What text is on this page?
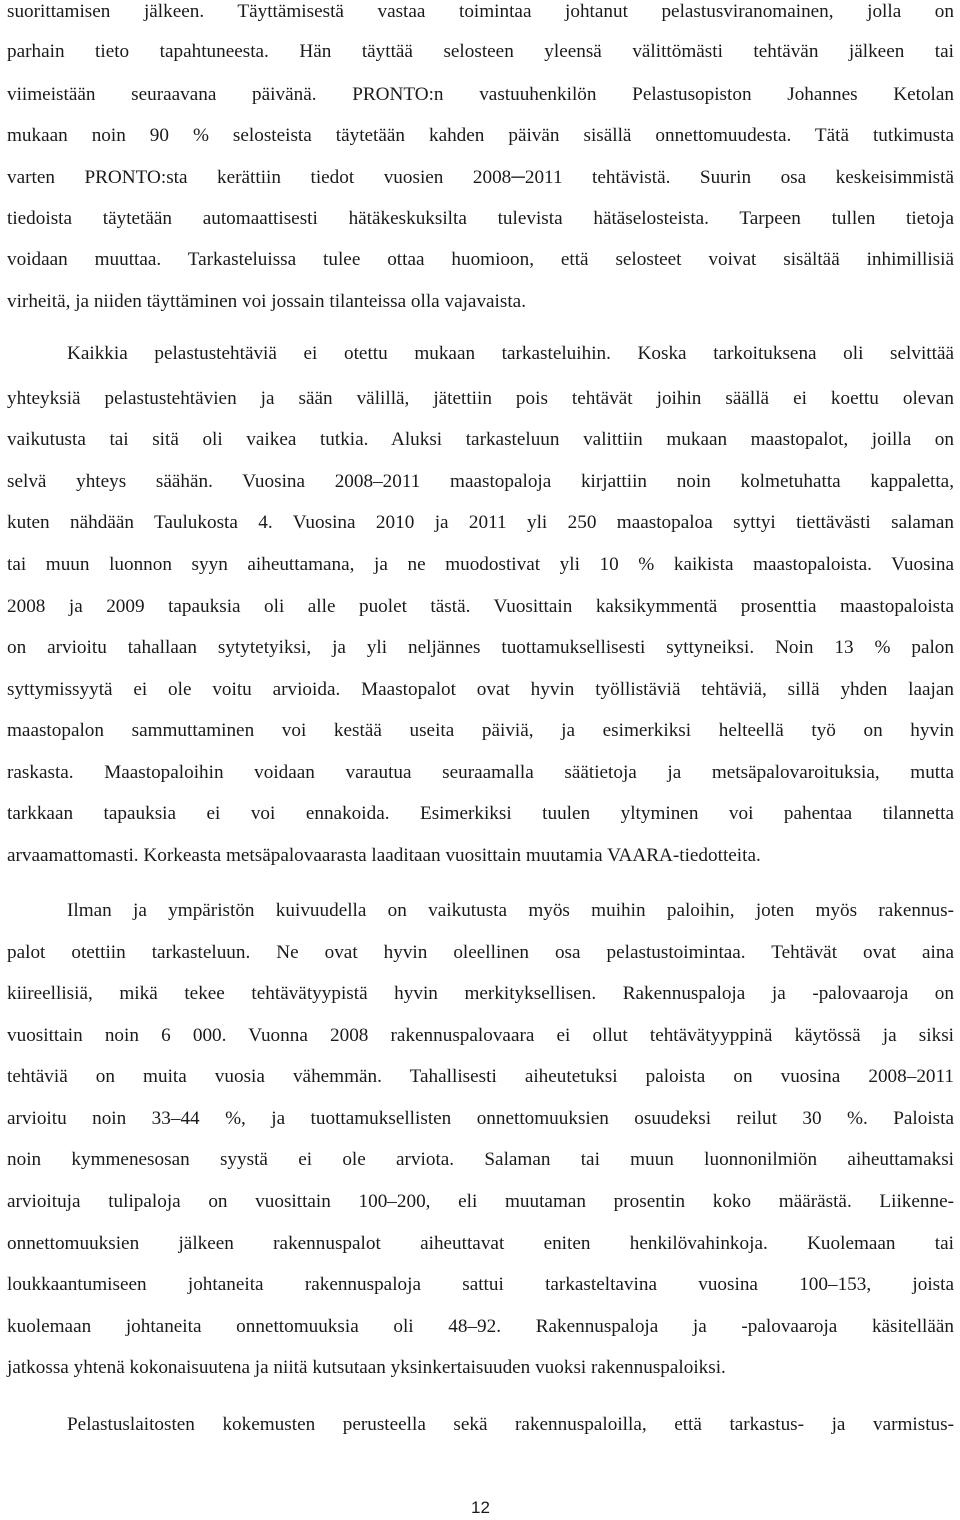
suorittamisen jälkeen. Täyttämisestä vastaa toimintaa johtanut pelastusviranomainen, jolla on
parhain tieto tapahtuneesta. Hän täyttää selosteen yleensä välittömästi tehtävän jälkeen tai
viimeistään seuraavana päivänä. PRONTO:n vastuuhenkilön Pelastusopiston Johannes Ketolan
mukaan noin 90 % selosteista täytetään kahden päivän sisällä onnettomuudesta. Tätä tutkimusta
varten PRONTO:sta kerättiin tiedot vuosien 2008─2011 tehtävistä. Suurin osa keskeisimmistä
tiedoista täytetään automaattisesti hätäkeskuksilta tulevista hätäselosteista. Tarpeen tullen tietoja
voidaan muuttaa. Tarkasteluissa tulee ottaa huomioon, että selosteet voivat sisältää inhimillisiä
virheitä, ja niiden täyttäminen voi jossain tilanteissa olla vajavaista.
Kaikkia pelastustehtäviä ei otettu mukaan tarkasteluihin. Koska tarkoituksena oli selvittää
yhteyksiä pelastustehtävien ja sään välillä, jätettiin pois tehtävät joihin säällä ei koettu olevan
vaikutusta tai sitä oli vaikea tutkia. Aluksi tarkasteluun valittiin mukaan maastopalot, joilla on
selvä yhteys säähän. Vuosina 2008–2011 maastopaloja kirjattiin noin kolmetuhatta kappaletta,
kuten nähdään Taulukosta 4. Vuosina 2010 ja 2011 yli 250 maastopaloa syttyi tiettävästi salaman
tai muun luonnon syyn aiheuttamana, ja ne muodostivat yli 10 % kaikista maastopaloista. Vuosina
2008 ja 2009 tapauksia oli alle puolet tästä. Vuosittain kaksikymmentä prosenttia maastopaloista
on arvioitu tahallaan sytytetyiksi, ja yli neljännes tuottamuksellisesti syttyneiksi. Noin 13 % palon
syttymissyytä ei ole voitu arvioida. Maastopalot ovat hyvin työllistäviä tehtäviä, sillä yhden laajan
maastopalon sammuttaminen voi kestää useita päiviä, ja esimerkiksi helteellä työ on hyvin
raskasta. Maastopaloihin voidaan varautua seuraamalla säätietoja ja metsäpalovaroituksia, mutta
tarkkaan tapauksia ei voi ennakoida. Esimerkiksi tuulen yltyminen voi pahentaa tilannetta
arvaamattomasti. Korkeasta metsäpalovaarasta laaditaan vuosittain muutamia VAARA-tiedotteita.
Ilman ja ympäristön kuivuudella on vaikutusta myös muihin paloihin, joten myös rakennus-
palot otettiin tarkasteluun. Ne ovat hyvin oleellinen osa pelastustoimintaa. Tehtävät ovat aina
kiireellisiä, mikä tekee tehtävätyypistä hyvin merkityksellisen. Rakennuspaloja ja -palovaaroja on
vuosittain noin 6 000. Vuonna 2008 rakennuspalovaara ei ollut tehtävätyyppinä käytössä ja siksi
tehtäviä on muita vuosia vähemmän. Tahallisesti aiheutetuksi paloista on vuosina 2008–2011
arvioitu noin 33–44 %, ja tuottamuksellisten onnettomuuksien osuudeksi reilut 30 %. Paloista
noin kymmenesosan syystä ei ole arviota. Salaman tai muun luonnonilmiön aiheuttamaksi
arvioituja tulipaloja on vuosittain 100–200, eli muutaman prosentin koko määrästä. Liikenne-
onnettomuuksien jälkeen rakennuspalot aiheuttavat eniten henkilövahinkoja. Kuolemaan tai
loukkaantumiseen johtaneita rakennuspaloja sattui tarkasteltavina vuosina 100–153, joista
kuolemaan johtaneita onnettomuuksia oli 48–92. Rakennuspaloja ja -palovaaroja käsitellään
jatkossa yhtenä kokonaisuutena ja niitä kutsutaan yksinkertaisuuden vuoksi rakennuspaloiksi.
Pelastuslaitosten kokemusten perusteella sekä rakennuspaloilla, että tarkastus- ja varmistus-
12
